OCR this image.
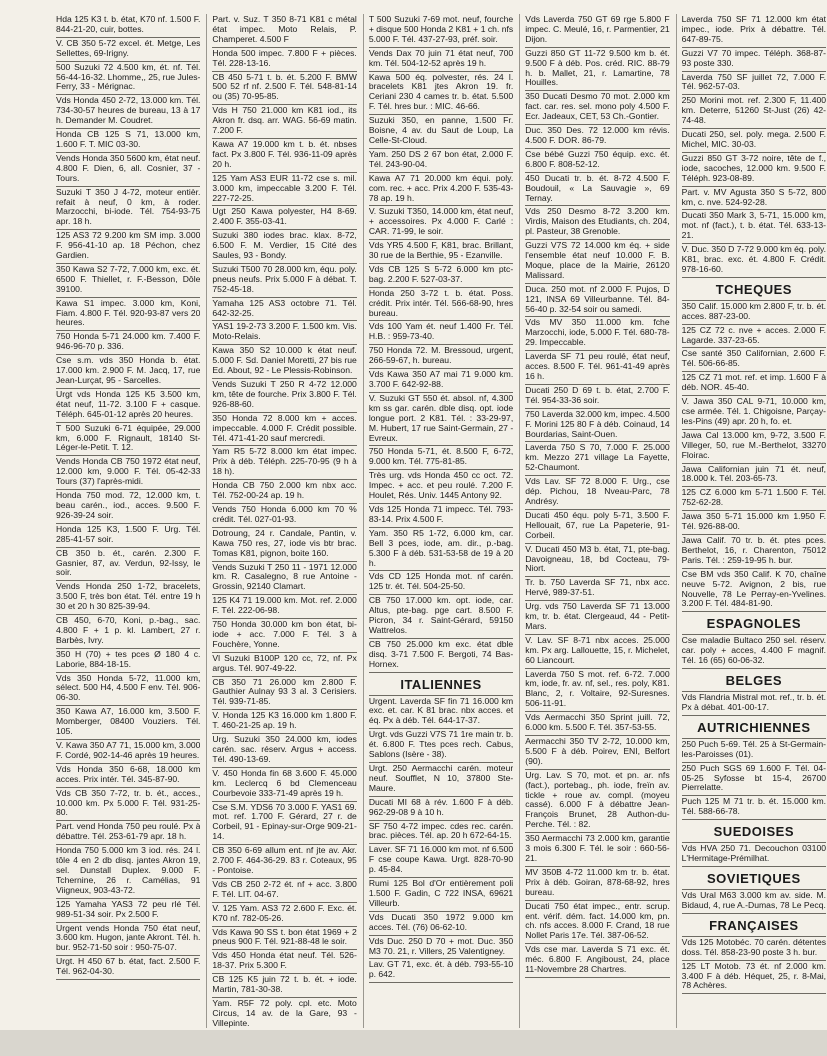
Hda 125 K3 t. b. état, K70 nf. 1.500 F. 844-21-20, cuir, bottes.

V. CB 350 5-72 excel. ét. Metge, Les Sellettes, 69-Irigny.

500 Suzuki 72 4.500 km, ét. nf. Tél. 56-44-16-32. Lhomme,, 25, rue Jules-Ferry, 33 - Mérignac.

Vds Honda 450 2-72, 13.000 km. Tél. 734-30-57 heures de bureau, 13 à 17 h. Demander M. Coudret.

Honda CB 125 S 71, 13.000 km, 1.600 F. T. MIC 03-30.

Vends Honda 350 5600 km, état neuf. 4.800 F. Dien, 6, all. Cosnier, 37 - Tours.

Suzuki T 350 J 4-72, moteur entièr. refait à neuf, 0 km, à roder. Marzocchi, bi-iode. Tél. 754-93-75 apr. 18 h.

125 AS3 72 9.200 km SM imp. 3.000 F. 956-41-10 ap. 18 Péchon, chez Gardien.

350 Kawa S2 7-72, 7.000 km, exc. ét. 6500 F. Thiellet, r. F.-Besson, Dôle 39100.

Kawa S1 impec. 3.000 km, Koni, Fiam. 4.800 F. Tél. 920-93-87 vers 20 heures.

750 Honda 5-71 24.000 km. 7.400 F. 946-96-70 p. 336.

Cse s.m. vds 350 Honda b. état. 17.000 km. 2.900 F. M. Jacq, 17, rue Jean-Lurçat, 95 - Sarcelles.

Urgt vds Honda 125 K5 3.500 km, état neuf, 11-72. 3.100 F + casque. Téléph. 645-01-12 après 20 heures.

T 500 Suzuki 6-71 équipée, 29.000 km, 6.000 F. Rignault, 18140 St-Léger-le-Petit. T. 12.

Vends Honda CB 750 1972 état neuf, 12.000 km, 9.000 F. Tél. 05-42-33 Tours (37) l'après-midi.

Honda 750 mod. 72, 12.000 km, t. beau carén., iod., acces. 9.500 F. 926-39-24 soir.

Honda 125 K3, 1.500 F. Urg. Tél. 285-41-57 soir.

CB 350 b. ét., carén. 2.300 F. Gasnier, 87, av. Verdun, 92-Issy, le soir.

Vends Honda 250 1-72, bracelets, 3.500 F, très bon état. Tél. entre 19 h 30 et 20 h 30 825-39-94.

CB 450, 6-70, Koni, p.-bag., sac. 4.800 F + 1 p. kl. Lambert, 27 r. Barbès, Ivry.

350 H (70) + tes pces Ø 180 4 c. Laborie, 884-18-15.

Vds 350 Honda 5-72, 11.000 km, sélect. 500 H4, 4.500 F env. Tél. 906-06-30.

350 Kawa A7, 16.000 km, 3.500 F. Momberger, 08400 Vouziers. Tél. 105.

V. Kawa 350 A7 71, 15.000 km, 3.000 F. Cordé, 902-14-46 après 19 heures.

Vds Honda 350 6-68, 18.000 km acces. Prix intér. Tél. 345-87-90.

Vds CB 350 7-72, tr. b. ét., acces., 10.000 km. Px 5.000 F. Tél. 931-25-80.

Part. vend Honda 750 peu roulé. Px à débattre. Tél. 253-61-79 apr. 18 h.

Honda 750 5.000 km 3 iod. rés. 24 l. tôle 4 en 2 db disq. jantes Akron 19, sel. Dunstall Duplex. 9.000 F. Tchernine, 26 r. Camélias, 91 Viigneux, 903-43-72.

125 Yamaha YAS3 72 peu rlé Tél. 989-51-34 soir. Px 2.500 F.

Urgent vends Honda 750 état neuf, 3.600 km. Hugon, jante Akront. Tél. h. bur. 952-71-50 soir : 950-75-07.

Urgt. H 450 67 b. état, fact. 2.500 F. Tél. 962-04-30.

Part. v. Suz. T 350 8-71 K81 c métal état impec. Moto Relais, P. Champeret. 4.500 F

Honda 500 impec. 7.800 F + pièces. Tél. 228-13-16.

CB 450 5-71 t. b. ét. 5.200 F. BMW 500 52 rf nf. 2.500 F. Tél. 548-81-14 ou (35) 70-95-85.

Vds H 750 21.000 km K81 iod., its Akron fr. dsq. arr. WAG. 56-69 matin. 7.200 F.

Kawa A7 19.000 km t. b. ét. nbses fact. Px 3.800 F. Tél. 936-11-09 après 20 h.

125 Yam AS3 EUR 11-72 cse s. mil. 3.000 km, impeccable 3.200 F. Tél. 227-72-25.

Ugt 250 Kawa polyester, H4 8-69. 2.400 F. 355-03-41.

Suzuki 380 iodes brac. klax. 8-72, 6.500 F. M. Verdier, 15 Cité des Saules, 93 - Bondy.

Suzuki T500 70 28.000 km, équ. poly. pneus neufs. Prix 5.000 F à débat. T. 752-45-18.

Yamaha 125 AS3 octobre 71. Tél. 642-32-25.

YAS1 19-2-73 3.200 F. 1.500 km. Vis. Moto-Relais.

Kawa 350 S2 10.000 k état neuf. 5.000 F. Sd. Daniel Moretti, 27 bis rue Ed. About, 92 - Le Plessis-Robinson.

Vends Suzuki T 250 R 4-72 12.000 km, tête de fourche. Prix 3.800 F. Tél. 926-88-60.

350 Honda 72 8.000 km + acces. impeccable. 4.000 F. Crédit possible. Tél. 471-41-20 sauf mercredi.

Yam R5 5-72 8.000 km état impec. Prix à déb. Téléph. 225-70-95 (9 h à 18 h).

Honda CB 750 2.000 km nbx acc. Tél. 752-00-24 ap. 19 h.

Vends 750 Honda 6.000 km 70 % crédit. Tél. 027-01-93.

Dotroung, 24 r. Candale, Pantin, v. Kawa 750 res, 27, iode vis btr brac. Tomas K81, pignon, boite 160.

Vends Suzuki T 250 11 - 1971 12.000 km. R. Casalegno, 8 rue Antoine - Grossin, 92140 Clamart.

125 K4 71 19.000 km. Mot. ref. 2.000 F. Tél. 222-06-98.

750 Honda 30.000 km bon état, bi-iode + acc. 7.000 F. Tél. 3 à Fouchère, Yonne.

Vl Suzuki B100P 120 cc, 72, nf. Px argus. Tél. 907-49-22.

CB 350 71 26.000 km 2.800 F. Gauthier Aulnay 93 3 al. 3 Cerisiers. Tél. 939-71-85.

V. Honda 125 K3 16.000 km 1.800 F. T. 460-21-25 ap. 19 h.

Urg. Suzuki 350 24.000 km, iodes carén. sac. réserv. Argus + access. Tél. 490-13-69.

V. 450 Honda fin 68 3.600 F. 45.000 km. Leclercq 6 bd Clemenceau Courbevoie 333-71-49 après 19 h.

Cse S.M. YDS6 70 3.000 F. YAS1 69. mot. ref. 1.700 F. Gérard, 27 r. de Corbeil, 91 - Epinay-sur-Orge 909-21-14.

CB 350 6-69 allum ent. nf jte av. Akr. 2.700 F. 464-36-29. 83 r. Coteaux, 95 - Pontoise.

Vds CB 250 2-72 ét. nf + acc. 3.800 F. Tél. LIT. 04-67.

V. 125 Yam. AS3 72 2.600 F. Exc. ét. K70 nf. 782-05-26.

Vds Kawa 90 SS t. bon état 1969 + 2 pneus 900 F. Tél. 921-88-48 le soir.

Vds 450 Honda état neuf. Tél. 526-18-37. Prix 5.300 F.

CB 125 K5 juin 72 t. b. ét. + iode. Martin, 781-30-38.

Yam. R5F 72 poly. cpl. etc. Moto Circus, 14 av. de la Gare, 93 - Villepinte.

T 500 Suzuki 7-69 mot. neuf, fourche + disque 500 Honda 2 K81 + 1 ch. nfs 5.000 F. Tél. 437-27-93, préf. soir.

Vends Dax 70 juin 71 état neuf, 700 km. Tél. 504-12-52 après 19 h.

Kawa 500 éq. polvester, rés. 24 l. bracelets K81 jtes Akron 19. fr. Ceriani 230 4 cames tr. b. état. 5.500 F. Tél. hres bur. : MIC. 46-66.

Suzuki 350, en panne, 1.500 Fr. Boisne, 4 av. du Saut de Loup, La Celle-St-Cloud.

Yam. 250 DS 2 67 bon état, 2.000 F. Tél. 243-90-04.

Kawa A7 71 20.000 km équi. poly. com. rec. + acc. Prix 4.200 F. 535-43-78 ap. 19 h.

V. Suzuki T350, 14.000 km, état neuf, + accessoires. Px 4.000 F. Carlé : CAR. 71-99, le soir.

Vds YR5 4.500 F, K81, brac. Brillant, 30 rue de la Berthie, 95 - Ezanville.

Vds CB 125 S 5-72 6.000 km ptc-bag. 2.200 F. 527-03-37.

Honda 250 3-72 t. b. état. Poss. crédit. Prix intér. Tél. 566-68-90, hres bureau.

Vds 100 Yam ét. neuf 1.400 Fr. Tél. H.B. : 959-73-40.

750 Honda 72. M. Bressoud, urgent, 266-59-67, h. bureau.

Vds Kawa 350 A7 mai 71 9.000 km. 3.700 F. 642-92-88.

V. Suzuki GT 550 ét. absol. nf, 4.300 km ss gar. carén. dble disq. opt. iode longue port. 2 K81. Tél. : 33-29-97, M. Hubert, 17 rue Saint-Germain, 27 - Evreux.

750 Honda 5-71, ét. 8.500 F, 6-72, 9.000 km. Tél. 775-81-85.

Très urg. vds Honda 450 cc oct. 72. Impec. + acc. et peu roulé. 7.200 F. Houlet, Rés. Univ. 1445 Antony 92.

Vds 125 Honda 71 impecc. Tél. 793-83-14. Prix 4.500 F.

Yam. 350 R5 1-72, 6.000 km, car. Bell 3 pces, iode, am. dir., p.-bag. 5.300 F à déb. 531-53-58 de 19 à 20 h.

Vds CD 125 Honda mot. nf carén. 125 tr. ét. Tél. 504-25-50.

CB 750 17.000 km. opt. iode, car. Altus, pte-bag. pge cart. 8.500 F. Picron, 34 r. Saint-Gérard, 59150 Wattrelos.

CB 750 25.000 km exc. état dble disq. 3-71 7.500 F. Bergoti, 74 Bas-Hornex.

ITALIENNES

Urgent. Laverda SF fin 71 16.000 km exc. et. car. K 81 brac. nbx acces. et éq. Px à déb. Tél. 644-17-37.

Urgt. vds Guzzi V7S 71 1re main tr. b. ét. 6.800 F. Ttes pces rech. Cabus, Sablons (Isère - 38).

Urgt. 250 Aermacchi carén. moteur neuf. Soufflet, N 10, 37800 Ste-Maure.

Ducati MI 68 à rév. 1.600 F à déb. 962-29-08 9 à 10 h.

SF 750 4-72 impec. cdes rec. carén. brac. pièces. Tél. ap. 20 h 672-64-15.

Laver. SF 71 16.000 km mot. nf 6.500 F cse coupe Kawa. Urgt. 828-70-90 p. 45-84.

Rumi 125 Bol d'Or entièrement poli 1.500 F. Gadin, C 722 INSA, 69621 Villeurb.

Vds Ducati 350 1972 9.000 km acces. Tél. (76) 06-62-10.

Vds Duc. 250 D 70 + mot. Duc. 350 M3 70. 21, r. Villers, 25 Valentigney.

Lav. GT 71, exc. ét. à déb. 793-55-10 p. 642.

Vds Laverda 750 GT 69 rge 5.800 F impec. C. Meulé, 16, r. Parmentier, 21 Dijon.

Guzzi 850 GT 11-72 9.500 km b. ét. 9.500 F à déb. Pos. créd. RIC. 88-79 h. b. Mallet, 21, r. Lamartine, 78 Houilles.

350 Ducati Desmo 70 mot. 2.000 km fact. car. res. sel. mono poly 4.500 F. Ecr. Jadeaux, CET, 53 Ch.-Gontier.

Duc. 350 Des. 72 12.000 km révis. 4.500 F. DOR. 86-79.

Cse bébé Guzzi 750 équip. exc. ét. 6.800 F. 808-52-12.

450 Ducati tr. b. ét. 8-72 4.500 F. Boudouil, « La Sauvagie », 69 Ternay.

Vds 250 Desmo 8-72 3.200 km. Virdis, Maison des Etudiants, ch. 204, pl. Pasteur, 38 Grenoble.

Guzzi V7S 72 14.000 km éq. + side l'ensemble état neuf 10.000 F. B. Moque, place de la Mairie, 26120 Malissard.

Duca. 250 mot. nf 2.000 F. Pujos, D 121, INSA 69 Villeurbanne. Tél. 84-56-40 p. 32-54 soir ou samedi.

Vds MV 350 11.000 km. fche Marzocchi, iode, 5.000 F. Tél. 680-78-29. Impeccable.

Laverda SF 71 peu roulé, état neuf, acces. 8.500 F. Tél. 961-41-49 après 16 h.

Ducati 250 D 69 t. b. état, 2.700 F. Tél. 954-33-36 soir.

750 Laverda 32.000 km, impec. 4.500 F. Morini 125 80 F à déb. Coinaud, 14 Bourdarias, Saint-Ouen.

Laverda 750 S 70, 7.000 F. 25.000 km. Mezzo 271 village La Fayette, 52-Chaumont.

Vds Lav. SF 72 8.000 F. Urg., cse dép. Pichou, 18 Nveau-Parc, 78 Andrésy.

Ducati 450 équ. poly 5-71, 3.500 F. Hellouait, 67, rue La Papeterie, 91-Corbeil.

V. Ducati 450 M3 b. état, 71, pte-bag. Davoigneau, 18, bd Cocteau, 79-Niort.

Tr. b. 750 Laverda SF 71, nbx acc. Hervé, 989-37-51.

Urg. vds 750 Laverda SF 71 13.000 km, tr. b. état. Clergeaud, 44 - Petit-Mars.

V. Lav. SF 8-71 nbx acces. 25.000 km. Px arg. Lallouette, 15, r. Michelet, 60 Liancourt.

Laverda 750 S mot. ref. 6-72. 7.000 km, iode, fr. av. nf, sel., res. poly, K81. Blanc, 2, r. Voltaire, 92-Suresnes. 506-11-91.

Vds Aermacchi 350 Sprint juill. 72, 6.000 km. 5.500 F. Tél. 357-53-55.

Aermacchi 350 TV 2-72, 10.000 km, 5.500 F à déb. Poirev, ENI, Belfort (90).

Urg. Lav. S 70, mot. et pn. ar. nfs (fact.), portebag., ph. iode, freïn av. tickle + roue av. compl. (moyeu cassé). 6.000 F à débattre Jean-François Brunet, 28 Authon-du-Perche. Tél. : 82.

350 Aermacchi 73 2.000 km, garantie 3 mois 6.300 F. Tél. le soir : 660-56-21.

MV 350B 4-72 11.000 km tr. b. état. Prix à déb. Goiran, 878-68-92, hres bureau.

Ducati 750 état impec., entr. scrup. ent. vérif. dém. fact. 14.000 km, pn. ch. nfs acces. 8.000 F. Crand, 18 rue Nollet Paris 17e. Tél. 387-06-52.

Vds cse mar. Laverda S 71 exc. ét. méc. 6.800 F. Angiboust, 24, place 11-Novembre 28 Chartres.

Laverda 750 SF 71 12.000 km état impec., iode. Prix à débattre. Tél. 647-89-75.

Guzzi V7 70 impec. Téléph. 368-87-93 poste 330.

Laverda 750 SF juillet 72, 7.000 F. Tél. 962-57-03.

250 Morini mot. ref. 2.300 F, 11.400 km. Deterre, 51260 St-Just (26) 42-74-48.

Ducati 250, sel. poly. mega. 2.500 F. Michel, MIC. 30-03.

Guzzi 850 GT 3-72 noire, tête de f., iode, sacoches, 12.000 km. 9.500 F. Téléph. 923-08-89.

Part. v. MV Agusta 350 S 5-72, 800 km, c. nve. 524-92-28.

Ducati 350 Mark 3, 5-71, 15.000 km, mot. nf (fact.), t. b. état. Tél. 633-13-21.

V. Duc. 350 D 7-72 9.000 km éq. poly. K81, brac. exc. ét. 4.800 F. Crédit. 978-16-60.

TCHEQUES

350 Calif. 15.000 km 2.800 F, tr. b. ét. acces. 887-23-00.

125 CZ 72 c. nve + acces. 2.000 F. Lagarde. 337-23-65.

Cse santé 350 Californian, 2.600 F. Tél. 506-66-85.

125 CZ 71 mot. ref. et imp. 1.600 F à déb. NOR. 45-40.

V. Jawa 350 CAL 9-71, 10.000 km, cse armée. Tél. 1. Chigoisne, Parçay-les-Pins (49) apr. 20 h, fo. et.

Jawa Cal 13.000 km, 9-72, 3.500 F. Villeger, 50, rue M.-Berthelot, 33270 Floirac.

Jawa Californian juin 71 ét. neuf, 18.000 k. Tél. 203-65-73.

125 CZ 6.000 km 5-71 1.500 F. Tél. 752-62-28.

Jawa 350 5-71 15.000 km 1.950 F. Tél. 926-88-00.

Jawa Calif. 70 tr. b. ét. ptes pces. Berthelot, 16, r. Charenton, 75012 Paris. Tél. : 259-19-95 h. bur.

Cse BM vds 350 Calif. K 70, chaîne neuve 5-72. Avignon, 2 bis, rue Nouvelle, 78 Le Perray-en-Yvelines. 3.200 F. Tél. 484-81-90.

ESPAGNOLES

Cse maladie Bultaco 250 sel. réserv. car. poly + acces, 4.400 F magnif. Tél. 16 (65) 60-06-32.

BELGES

Vds Flandria Mistral mot. ref., tr. b. ét. Px à débat. 401-00-17.

AUTRICHIENNES

250 Puch 5-69. Tél. 25 à St-Germain-les-Paroisses (01).

250 Puch SGS 69 1.600 F. Tél. 04-05-25 Syfosse bt 15-4, 26700 Pierrelatte.

Puch 125 M 71 tr. b. ét. 15.000 km. Tél. 588-66-78.

SUEDOISES

Vds HVA 250 71. Decouchon 03100 L'Hermitage-Prémilhat.

SOVIETIQUES

Vds Ural M63 3.000 km av. side. M. Bidaud, 4, rue A.-Dumas, 78 Le Pecq.

FRANÇAISES

Vds 125 Motobéc. 70 carén. détentes doss. Tél. 858-23-90 poste 3 h. bur.

125 LT Motob. 73 ét. nf 2.000 km. 3.400 F à déb. Héquet, 25, r. 8-Mai, 78 Achères.
